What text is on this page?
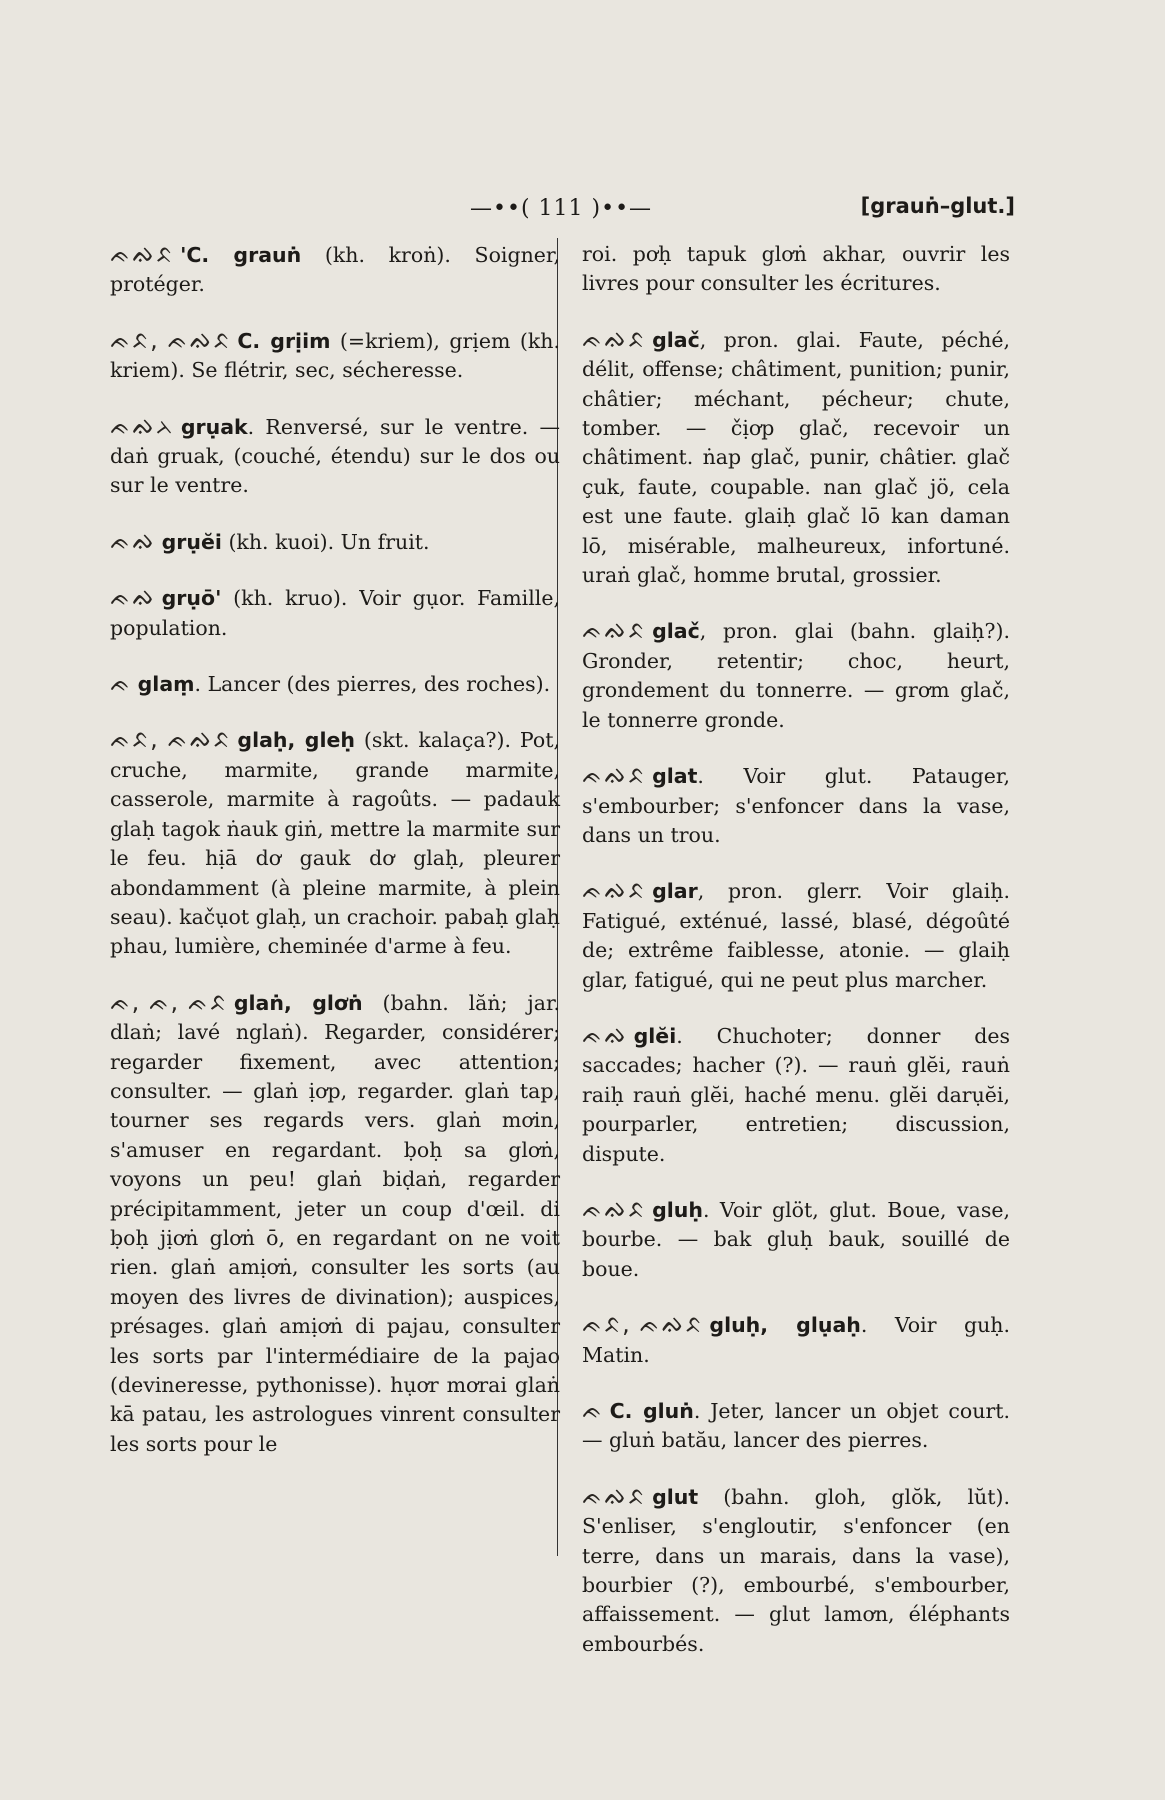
—••( 111 )••—	[grauṅ–glut.]
ᨃᨁᨅ 'C. grauṅ (kh. kroṅ). Soigner, protéger.
ᨃᨅ, ᨃᨁᨅ C. grịim (=kriem), grịem (kh. kriem). Se flétrir, sec, sécheresse.
ᨃᨁᨂ grụak. Renversé, sur le ventre. — daṅ gruak, (couché, étendu) sur le dos ou sur le ventre.
ᨃᨁ grụĕi (kh. kuoi). Un fruit.
ᨃᨁ grụō' (kh. kruo). Voir gụor. Famille, population.
ᨃ glaṃ. Lancer (des pierres, des roches).
ᨃᨅ, ᨃᨁᨅ glaḥ, gleḥ (skt. kalaça?). Pot, cruche, marmite, grande marmite, casserole, marmite à ragoûts. — padauk glaḥ tagok ṅauk giṅ, mettre la marmite sur le feu. hịā dơ gauk dơ glaḥ, pleurer abondamment (à pleine marmite, à plein seau). kačụot glaḥ, un crachoir. pabaḥ glaḥ phau, lumière, cheminée d'arme à feu.
ᨃ, ᨃ, ᨃᨅ glaṅ, glơṅ (bahn. lăṅ; jar. dlaṅ; lavé nglaṅ). Regarder, considérer; regarder fixement, avec attention; consulter. — glaṅ ịơp, regarder. glaṅ tap, tourner ses regards vers. glaṅ mơin, s'amuser en regardant. ḅoḥ sa glơṅ, voyons un peu! glaṅ biḍaṅ, regarder précipitamment, jeter un coup d'œil. di ḅoḥ jịơṅ glơṅ ō, en regardant on ne voit rien. glaṅ amịơṅ, consulter les sorts (au moyen des livres de divination); auspices, présages. glaṅ amịơṅ di pajau, consulter les sorts par l'intermédiaire de la pajao (devineresse, pythonisse). hụơr mơrai glaṅ kā patau, les astrologues vinrent consulter les sorts pour le
roi. pơḥ tapuk glơṅ akhar, ouvrir les livres pour consulter les écritures.
ᨃᨁᨅ glač, pron. glai. Faute, péché, délit, offense; châtiment, punition; punir, châtier; méchant, pécheur; chute, tomber. — čịơp glač, recevoir un châtiment. ṅap glač, punir, châtier. glač çuk, faute, coupable. nan glač jö, cela est une faute. glaiḥ glač lō kan daman lō, misérable, malheureux, infortuné. uraṅ glač, homme brutal, grossier.
ᨃᨁᨅ glač, pron. glai (bahn. glaiḥ?). Gronder, retentir; choc, heurt, grondement du tonnerre. — grơm glač, le tonnerre gronde.
ᨃᨁᨅ glat. Voir glut. Patauger, s'embourber; s'enfoncer dans la vase, dans un trou.
ᨃᨁᨅ glar, pron. glerr. Voir glaiḥ. Fatigué, exténué, lassé, blasé, dégoûté de; extrême faiblesse, atonie. — glaiḥ glar, fatigué, qui ne peut plus marcher.
ᨃᨁ glĕi. Chuchoter; donner des saccades; hacher (?). — rauṅ glĕi, rauṅ raiḥ rauṅ glĕi, haché menu. glĕi darụĕi, pourparler, entretien; discussion, dispute.
ᨃᨁᨅ gluḥ. Voir glöt, glut. Boue, vase, bourbe. — bak gluḥ bauk, souillé de boue.
ᨃᨅ, ᨃᨁᨅ gluḥ, glụaḥ. Voir guḥ. Matin.
ᨃ C. gluṅ. Jeter, lancer un objet court. — gluṅ batău, lancer des pierres.
ᨃᨁᨅ glut (bahn. gloh, glŏk, lŭt). S'enliser, s'engloutir, s'enfoncer (en terre, dans un marais, dans la vase), bourbier (?), embourbé, s'embourber, affaissement. — glut lamơn, éléphants embourbés.
